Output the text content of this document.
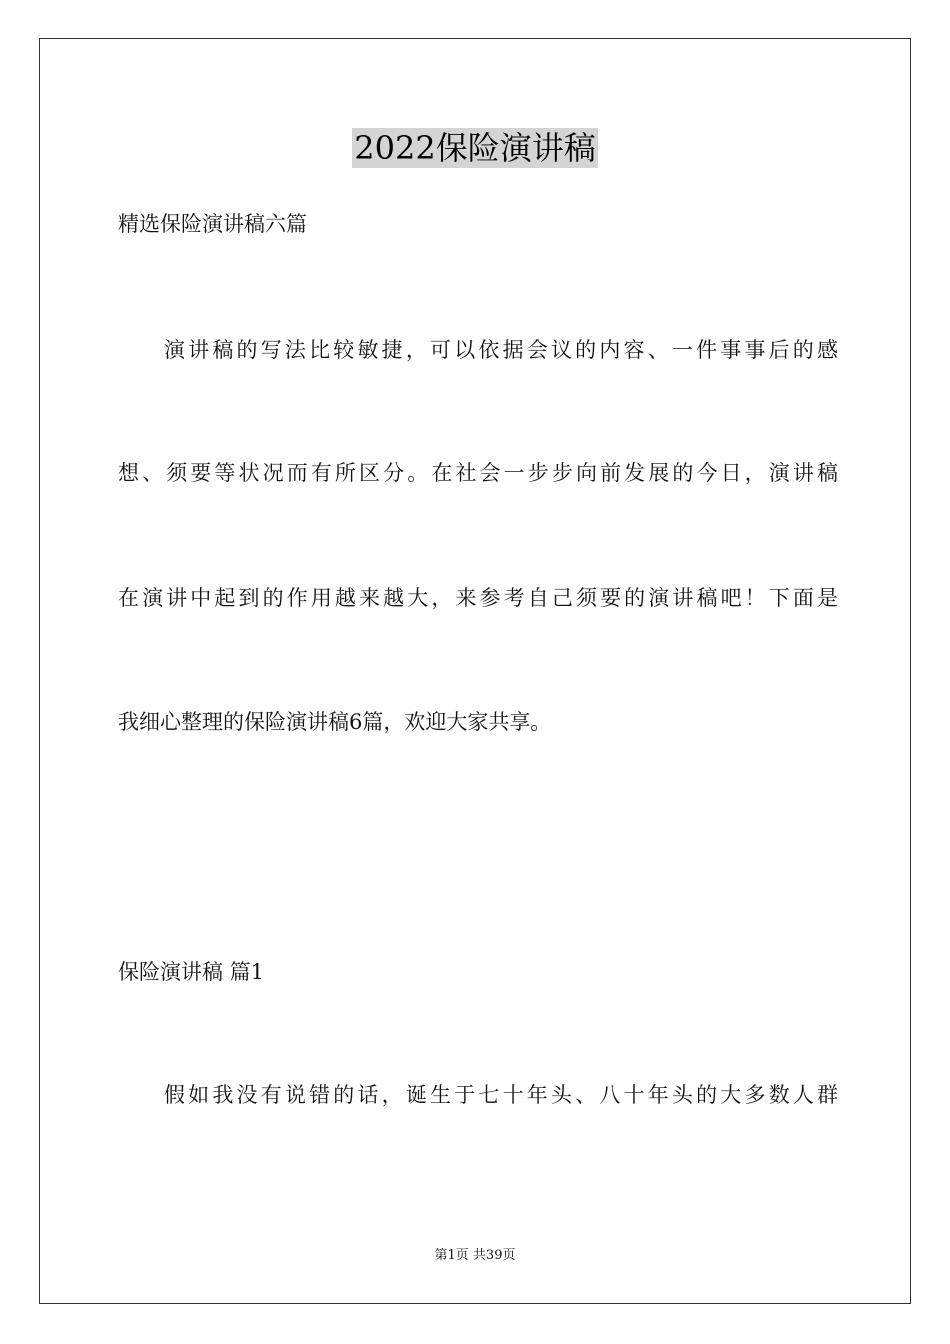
2022保险演讲稿
精选保险演讲稿六篇
演讲稿的写法比较敏捷，可以依据会议的内容、一件事事后的感
想、须要等状况而有所区分。在社会一步步向前发展的今日，演讲稿
在演讲中起到的作用越来越大，来参考自己须要的演讲稿吧！下面是
我细心整理的保险演讲稿6篇，欢迎大家共享。
保险演讲稿 篇1
假如我没有说错的话，诞生于七十年头、八十年头的大多数人群
第1页 共39页
